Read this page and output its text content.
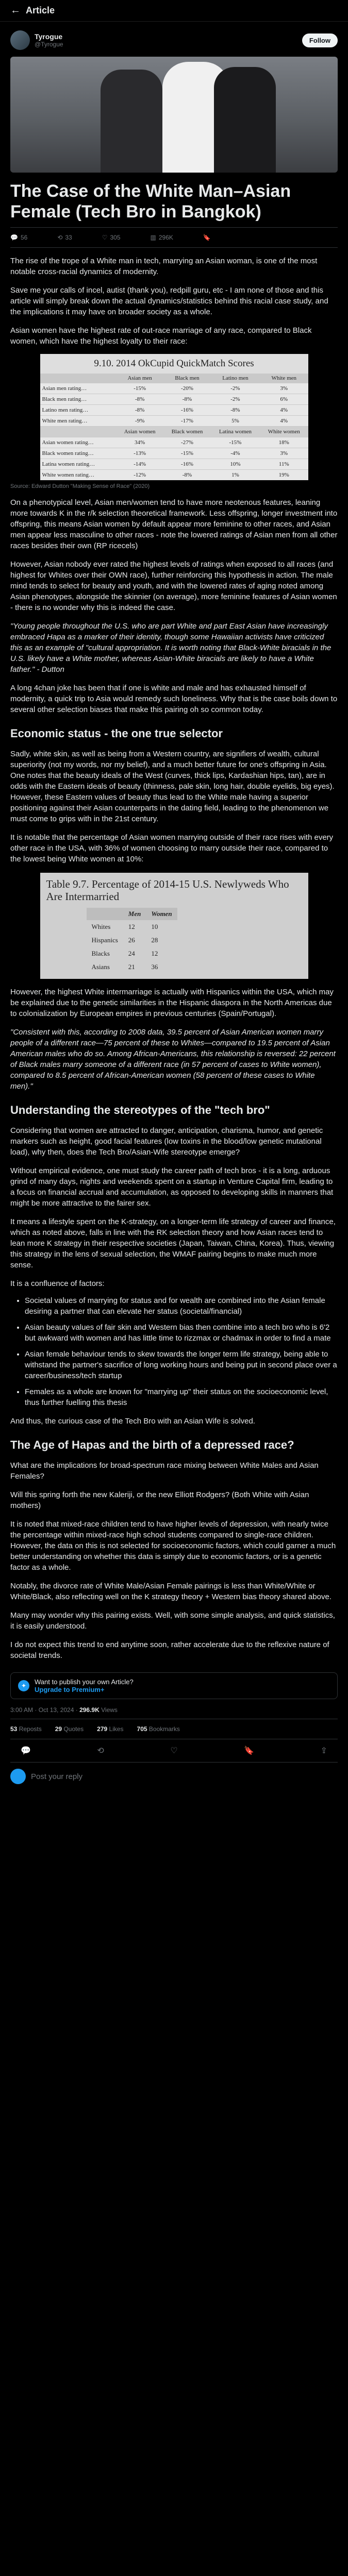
← Article
Tyrogue
@Tyrogue
Follow
The Case of the White Man–Asian Female (Tech Bro in Bangkok)
💬 56	⟲ 33	♡ 305	▥ 296K	🔖

The rise of the trope of a White man in tech, marrying an Asian woman, is one of the most notable cross-racial dynamics of modernity.

Save me your calls of incel, autist (thank you), redpill guru, etc - I am none of those and this article will simply break down the actual dynamics/statistics behind this racial case study, and the implications it may have on broader society as a whole.

Asian women have the highest rate of out-race marriage of any race, compared to Black women, which have the highest loyalty to their race:

9.10. 2014 OkCupid QuickMatch Scores
	Asian men	Black men	Latino men	White men
Asian men rating…	-15%	-20%	-2%	3%
Black men rating…	-8%	-8%	-2%	6%
Latino men rating…	-8%	-16%	-8%	4%
White men rating…	-9%	-17%	5%	4%
	Asian women	Black women	Latina women	White women
Asian women rating…	34%	-27%	-15%	18%
Black women rating…	-13%	-15%	-4%	3%
Latina women rating…	-14%	-16%	10%	11%
White women rating…	-12%	-8%	1%	19%
Source: Edward Dutton "Making Sense of Race" (2020)

On a phenotypical level, Asian men/women tend to have more neotenous features, leaning more towards K in the r/k selection theoretical framework. Less offspring, longer investment into offspring, this means Asian women by default appear more feminine to other races, and Asian men appear less masculine to other races - note the lowered ratings of Asian men from all other races besides their own (RP ricecels)

However, Asian nobody ever rated the highest levels of ratings when exposed to all races (and highest for Whites over their OWN race), further reinforcing this hypothesis in action. The male mind tends to select for beauty and youth, and with the lowered rates of aging noted among Asian phenotypes, alongside the skinnier (on average), more feminine features of Asian women - there is no wonder why this is indeed the case.

"Young people throughout the U.S. who are part White and part East Asian have increasingly embraced Hapa as a marker of their identity, though some Hawaiian activists have criticized this as an example of "cultural appropriation. It is worth noting that Black-White biracials in the U.S. likely have a White mother, whereas Asian-White biracials are likely to have a White father." - Dutton

A long 4chan joke has been that if one is white and male and has exhausted himself of modernity, a quick trip to Asia would remedy such loneliness. Why that is the case boils down to several other selection biases that make this pairing oh so common today.

Economic status - the one true selector

Sadly, white skin, as well as being from a Western country, are signifiers of wealth, cultural superiority (not my words, nor my belief), and a much better future for one's offspring in Asia. One notes that the beauty ideals of the West (curves, thick lips, Kardashian hips, tan), are in odds with the Eastern ideals of beauty (thinness, pale skin, long hair, double eyelids, big eyes). However, these Eastern values of beauty thus lead to the White male having a superior positioning against their Asian counterparts in the dating field, leading to the phenomenon we must come to grips with in the 21st century.

It is notable that the percentage of Asian women marrying outside of their race rises with every other race in the USA, with 36% of women choosing to marry outside their race, compared to the lowest being White women at 10%:

Table 9.7. Percentage of 2014-15 U.S. Newlyweds Who Are Intermarried
	Men	Women
Whites	12	10
Hispanics	26	28
Blacks	24	12
Asians	21	36

However, the highest White intermarriage is actually with Hispanics within the USA, which may be explained due to the genetic similarities in the Hispanic diaspora in the North Americas due to colonialization by European empires in previous centuries (Spain/Portugal).

"Consistent with this, according to 2008 data, 39.5 percent of Asian American women marry people of a different race—75 percent of these to Whites—compared to 19.5 percent of Asian American males who do so. Among African-Americans, this relationship is reversed: 22 percent of Black males marry someone of a different race (in 57 percent of cases to White women), compared to 8.5 percent of African-American women (58 percent of these cases to White men)."

Understanding the stereotypes of the "tech bro"

Considering that women are attracted to danger, anticipation, charisma, humor, and genetic markers such as height, good facial features (low toxins in the blood/low genetic mutational load), why then, does the Tech Bro/Asian-Wife stereotype emerge?

Without empirical evidence, one must study the career path of tech bros - it is a long, arduous grind of many days, nights and weekends spent on a startup in Venture Capital firm, leading to a focus on financial accrual and accumulation, as opposed to developing skills in manners that might be more attractive to the fairer sex.

It means a lifestyle spent on the K-strategy, on a longer-term life strategy of career and finance, which as noted above, falls in line with the RK selection theory and how Asian races tend to lean more K strategy in their respective societies (Japan, Taiwan, China, Korea). Thus, viewing this strategy in the lens of sexual selection, the WMAF pairing begins to make much more sense.

It is a confluence of factors:

• Societal values of marrying for status and for wealth are combined into the Asian female desiring a partner that can elevate her status (societal/financial)
• Asian beauty values of fair skin and Western bias then combine into a tech bro who is 6'2 but awkward with women and has little time to rizzmax or chadmax in order to find a mate
• Asian female behaviour tends to skew towards the longer term life strategy, being able to withstand the partner's sacrifice of long working hours and being put in second place over a career/business/tech startup
• Females as a whole are known for "marrying up" their status on the socioeconomic level, thus further fuelling this thesis

And thus, the curious case of the Tech Bro with an Asian Wife is solved.

The Age of Hapas and the birth of a depressed race?

What are the implications for broad-spectrum race mixing between White Males and Asian Females?

Will this spring forth the new Kaleriji, or the new Elliott Rodgers? (Both White with Asian mothers)

It is noted that mixed-race children tend to have higher levels of depression, with nearly twice the percentage within mixed-race high school students compared to single-race children. However, the data on this is not selected for socioeconomic factors, which could garner a much better understanding on whether this data is simply due to economic factors, or is a genetic factor as a whole.

Notably, the divorce rate of White Male/Asian Female pairings is less than White/White or White/Black, also reflecting well on the K strategy theory + Western bias theory shared above.

Many may wonder why this pairing exists. Well, with some simple analysis, and quick statistics, it is easily understood.

I do not expect this trend to end anytime soon, rather accelerate due to the reflexive nature of societal trends.

✦	Want to publish your own Article?
Upgrade to Premium+
3:00 AM · Oct 13, 2024 · 296.9K Views
53 Reposts 29 Quotes 279 Likes 705 Bookmarks
💬	⟲	♡	🔖	⇪
Post your reply
